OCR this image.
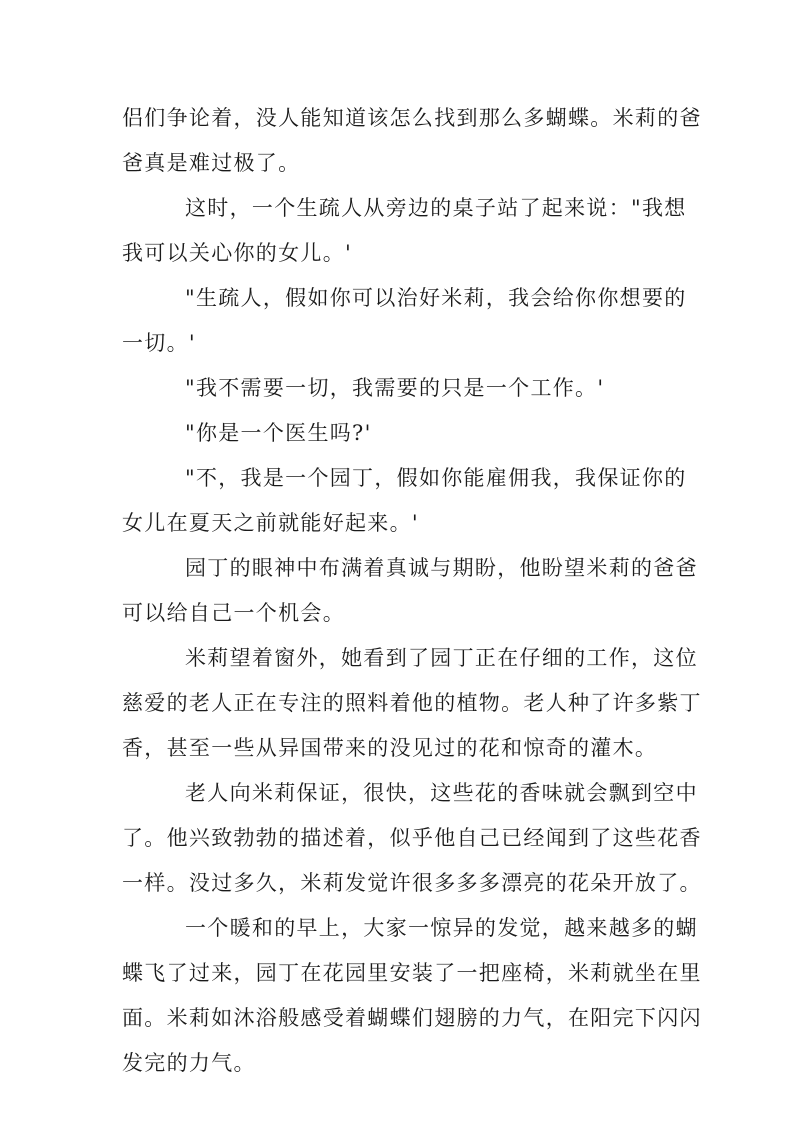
侣们争论着，没人能知道该怎么找到那么多蝴蝶。米莉的爸
爸真是难过极了。
这时，一个生疏人从旁边的桌子站了起来说："我想
我可以关心你的女儿。'
"生疏人，假如你可以治好米莉，我会给你你想要的
一切。'
"我不需要一切，我需要的只是一个工作。'
"你是一个医生吗?'
"不，我是一个园丁，假如你能雇佣我，我保证你的
女儿在夏天之前就能好起来。'
园丁的眼神中布满着真诚与期盼，他盼望米莉的爸爸
可以给自己一个机会。
米莉望着窗外，她看到了园丁正在仔细的工作，这位
慈爱的老人正在专注的照料着他的植物。老人种了许多紫丁
香，甚至一些从异国带来的没见过的花和惊奇的灌木。
老人向米莉保证，很快，这些花的香味就会飘到空中
了。他兴致勃勃的描述着，似乎他自己已经闻到了这些花香
一样。没过多久，米莉发觉许很多多多漂亮的花朵开放了。
一个暖和的早上，大家一惊异的发觉，越来越多的蝴
蝶飞了过来，园丁在花园里安装了一把座椅，米莉就坐在里
面。米莉如沐浴般感受着蝴蝶们翅膀的力气，在阳完下闪闪
发完的力气。
